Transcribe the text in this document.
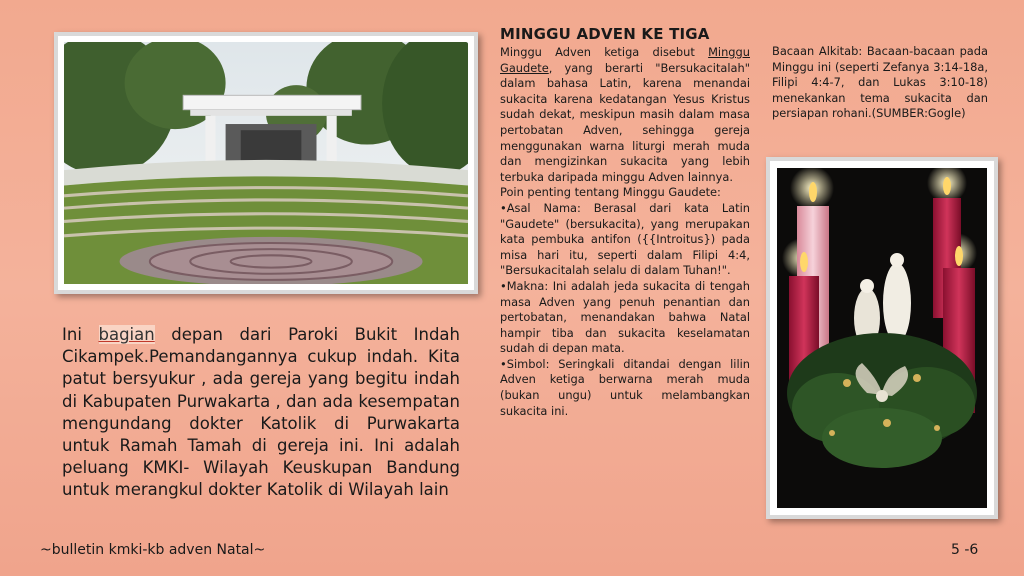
Ini bagian depan dari Paroki Bukit Indah Cikampek.Pemandangannya cukup indah. Kita patut bersyukur , ada gereja yang begitu indah di Kabupaten Purwakarta , dan ada kesempatan mengundang dokter Katolik di Purwakarta untuk Ramah Tamah di gereja ini. Ini adalah peluang KMKI- Wilayah Keuskupan Bandung untuk merangkul dokter Katolik di Wilayah lain

MINGGU ADVEN KE TIGA

Minggu Adven ketiga disebut Minggu Gaudete, yang berarti "Bersukacitalah" dalam bahasa Latin, karena menandai sukacita karena kedatangan Yesus Kristus sudah dekat, meskipun masih dalam masa pertobatan Adven, sehingga gereja menggunakan warna liturgi merah muda dan mengizinkan sukacita yang lebih terbuka daripada minggu Adven lainnya.

Poin penting tentang Minggu Gaudete:

•Asal Nama: Berasal dari kata Latin "Gaudete" (bersukacita), yang merupakan kata pembuka antifon ({{Introitus}) pada misa hari itu, seperti dalam Filipi 4:4, "Bersukacitalah selalu di dalam Tuhan!".

•Makna: Ini adalah jeda sukacita di tengah masa Adven yang penuh penantian dan pertobatan, menandakan bahwa Natal hampir tiba dan sukacita keselamatan sudah di depan mata.

•Simbol: Seringkali ditandai dengan lilin Adven ketiga berwarna merah muda (bukan ungu) untuk melambangkan sukacita ini.

Bacaan Alkitab: Bacaan-bacaan pada Minggu ini (seperti Zefanya 3:14-18a, Filipi 4:4-7, dan Lukas 3:10-18) menekankan tema sukacita dan persiapan rohani.(SUMBER:Gogle)

~bulletin kmki-kb adven Natal~	5 -6
